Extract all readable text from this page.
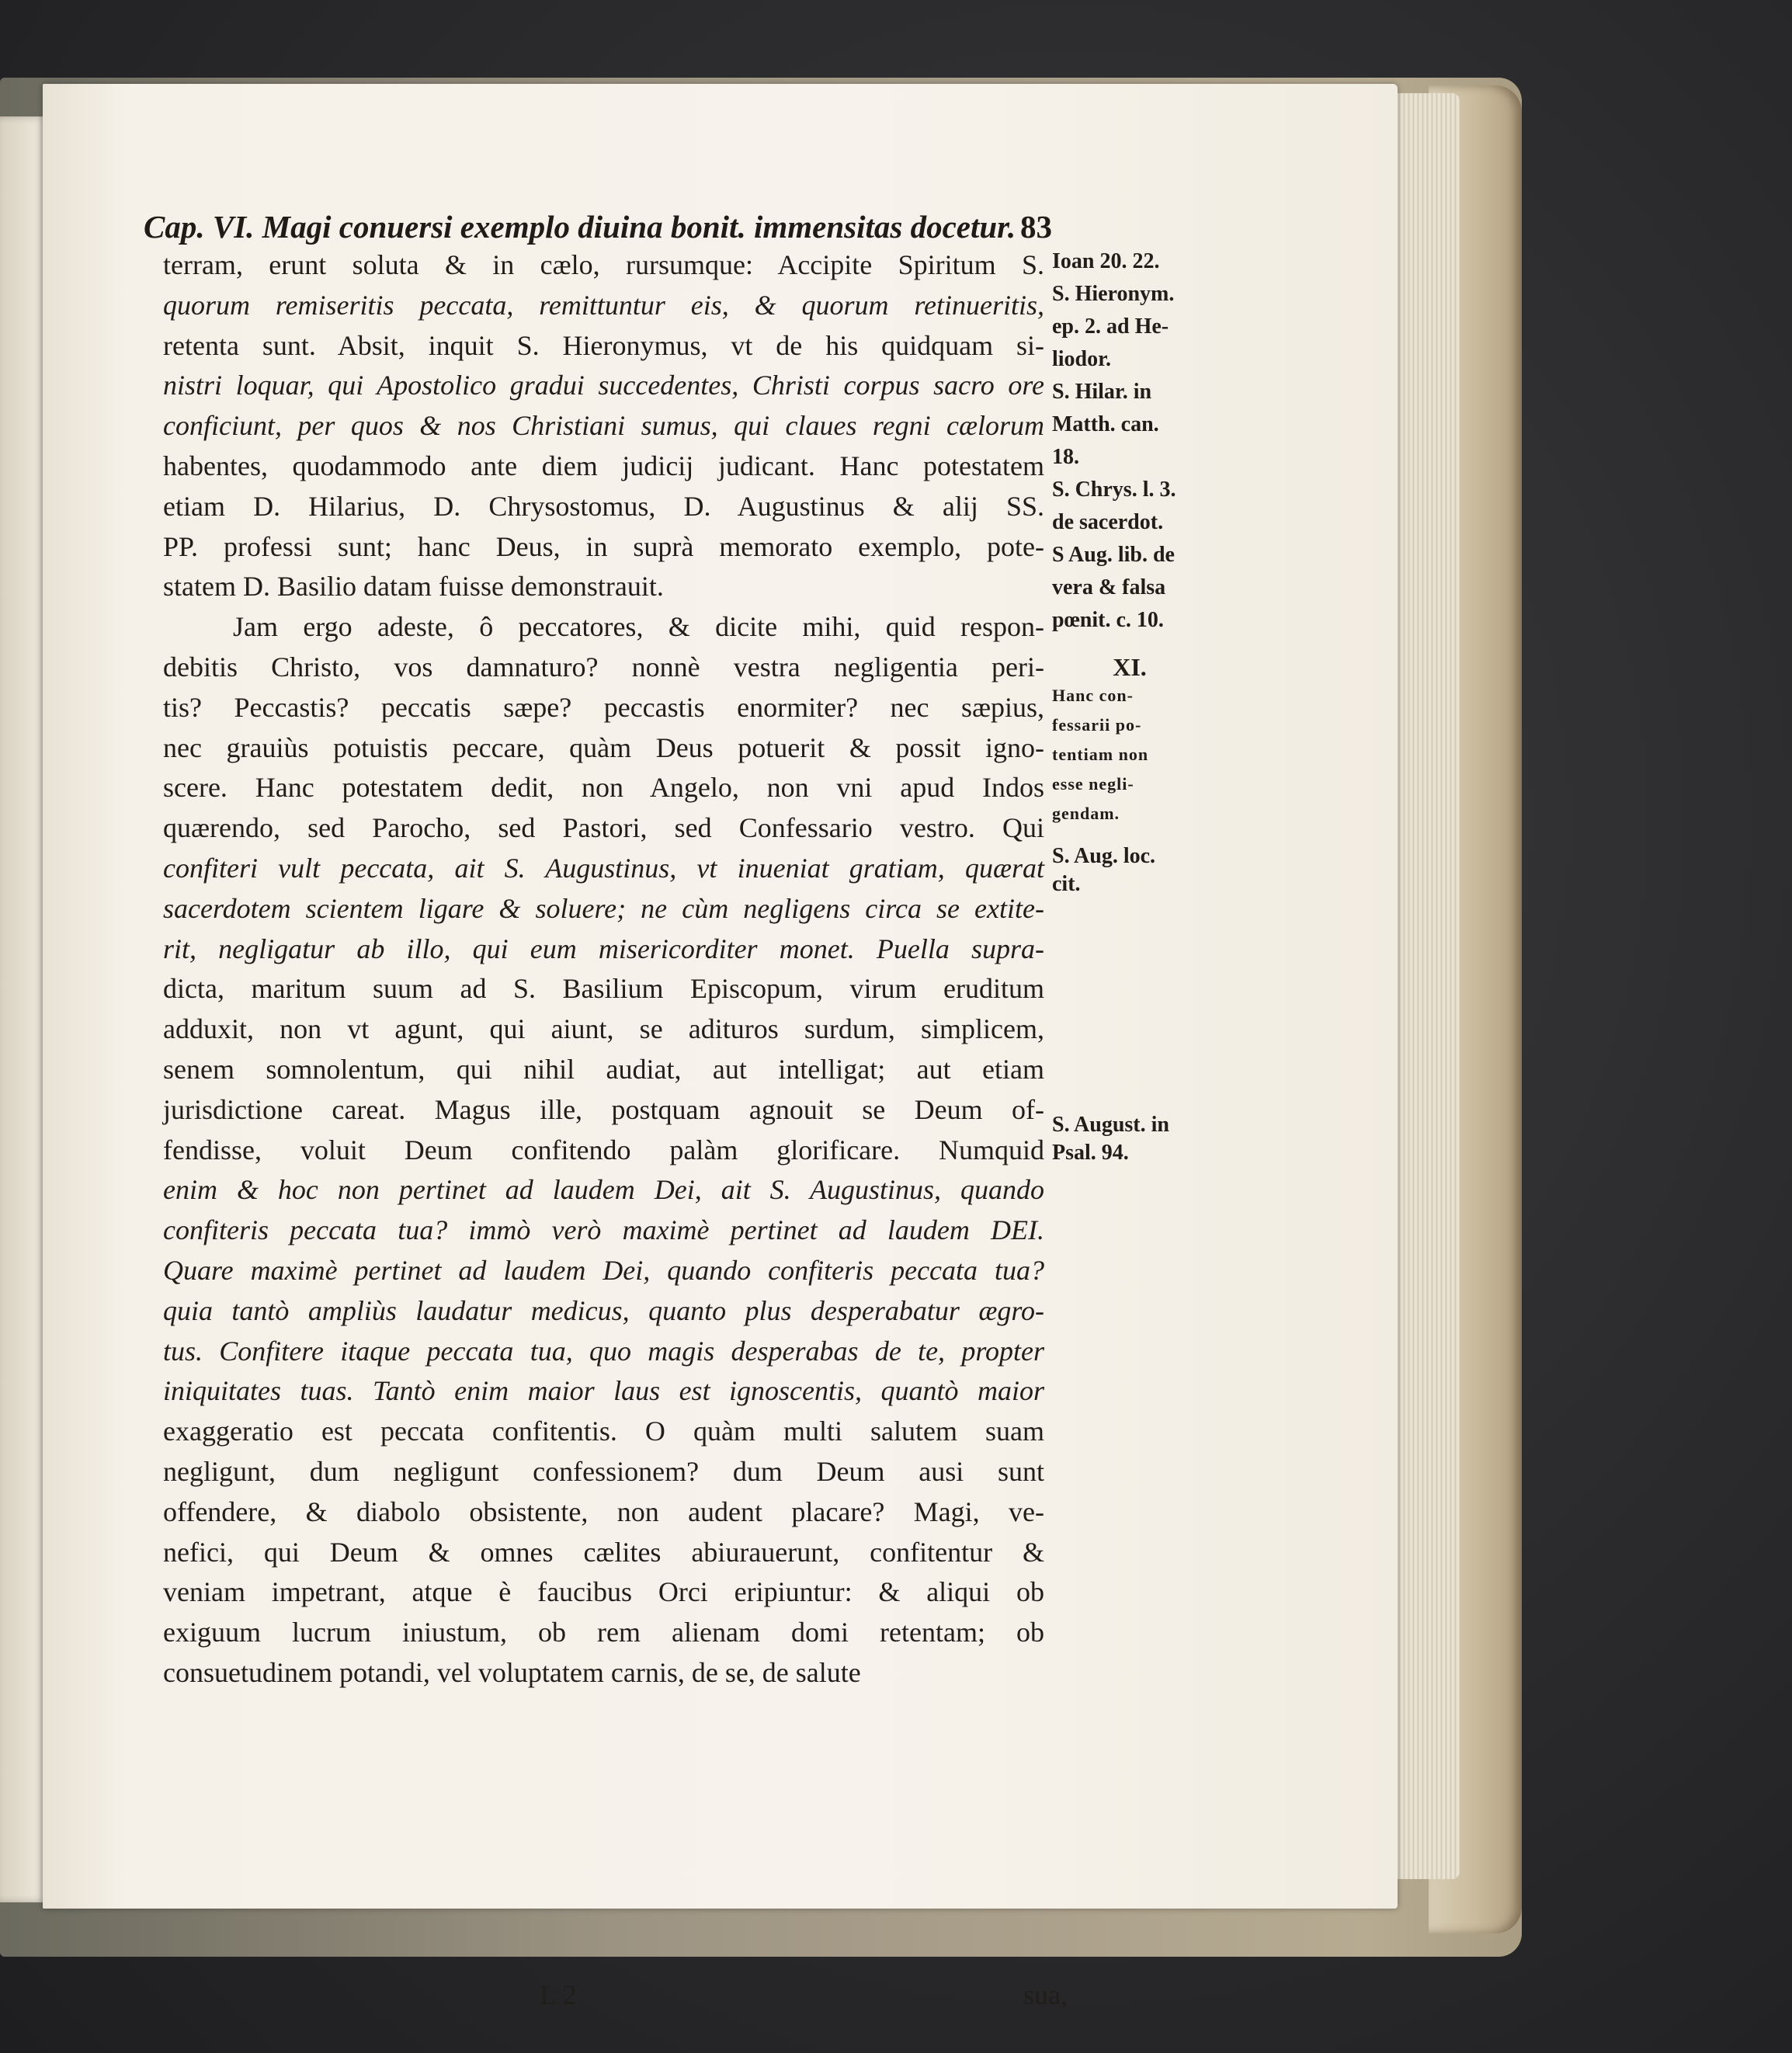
Cap. VI. Magi conuersi exemplo diuina bonit. immensitas docetur. 83
terram, erunt soluta & in cælo, rursumque: Accipite Spiritum S.
quorum remiseritis peccata, remittuntur eis, & quorum retinueritis,
retenta sunt. Absit, inquit S. Hieronymus, vt de his quidquam si-
nistri loquar, qui Apostolico gradui succedentes, Christi corpus sacro ore
conficiunt, per quos & nos Christiani sumus, qui claues regni cælorum
habentes, quodammodo ante diem judicij judicant. Hanc potestatem
etiam D. Hilarius, D. Chrysostomus, D. Augustinus & alij SS.
PP. professi sunt; hanc Deus, in suprà memorato exemplo, pote-
statem D. Basilio datam fuisse demonstrauit.
Jam ergo adeste, ô peccatores, & dicite mihi, quid respon-
debitis Christo, vos damnaturo? nonnè vestra negligentia peri-
tis? Peccastis? peccatis sæpe? peccastis enormiter? nec sæpius,
nec grauiùs potuistis peccare, quàm Deus potuerit & possit igno-
scere. Hanc potestatem dedit, non Angelo, non vni apud Indos
quærendo, sed Parocho, sed Pastori, sed Confessario vestro. Qui
confiteri vult peccata, ait S. Augustinus, vt inueniat gratiam, quærat
sacerdotem scientem ligare & soluere; ne cùm negligens circa se extite-
rit, negligatur ab illo, qui eum misericorditer monet. Puella supra-
dicta, maritum suum ad S. Basilium Episcopum, virum eruditum
adduxit, non vt agunt, qui aiunt, se adituros surdum, simplicem,
senem somnolentum, qui nihil audiat, aut intelligat; aut etiam
jurisdictione careat. Magus ille, postquam agnouit se Deum of-
fendisse, voluit Deum confitendo palàm glorificare. Numquid
enim & hoc non pertinet ad laudem Dei, ait S. Augustinus, quando
confiteris peccata tua? immò verò maximè pertinet ad laudem DEI.
Quare maximè pertinet ad laudem Dei, quando confiteris peccata tua?
quia tantò ampliùs laudatur medicus, quanto plus desperabatur ægro-
tus. Confitere itaque peccata tua, quo magis desperabas de te, propter
iniquitates tuas. Tantò enim maior laus est ignoscentis, quantò maior
exaggeratio est peccata confitentis. O quàm multi salutem suam
negligunt, dum negligunt confessionem? dum Deum ausi sunt
offendere, & diabolo obsistente, non audent placare? Magi, ve-
nefici, qui Deum & omnes cælites abiurauerunt, confitentur &
veniam impetrant, atque è faucibus Orci eripiuntur: & aliqui ob
exiguum lucrum iniustum, ob rem alienam domi retentam; ob
consuetudinem potandi, vel voluptatem carnis, de se, de salute
Ioan 20. 22.
S. Hieronym.
ep. 2. ad He-
liodor.
S. Hilar. in
Matth. can.
18.
S. Chrys. l. 3.
de sacerdot.
S Aug. lib. de
vera & falsa
pœnit. c. 10.
XI.
Hanc con-
fessarii po-
tentiam non
esse negli-
gendam.
S. Aug. loc.
cit.
S. August. in
Psal. 94.
L 2	sua,
